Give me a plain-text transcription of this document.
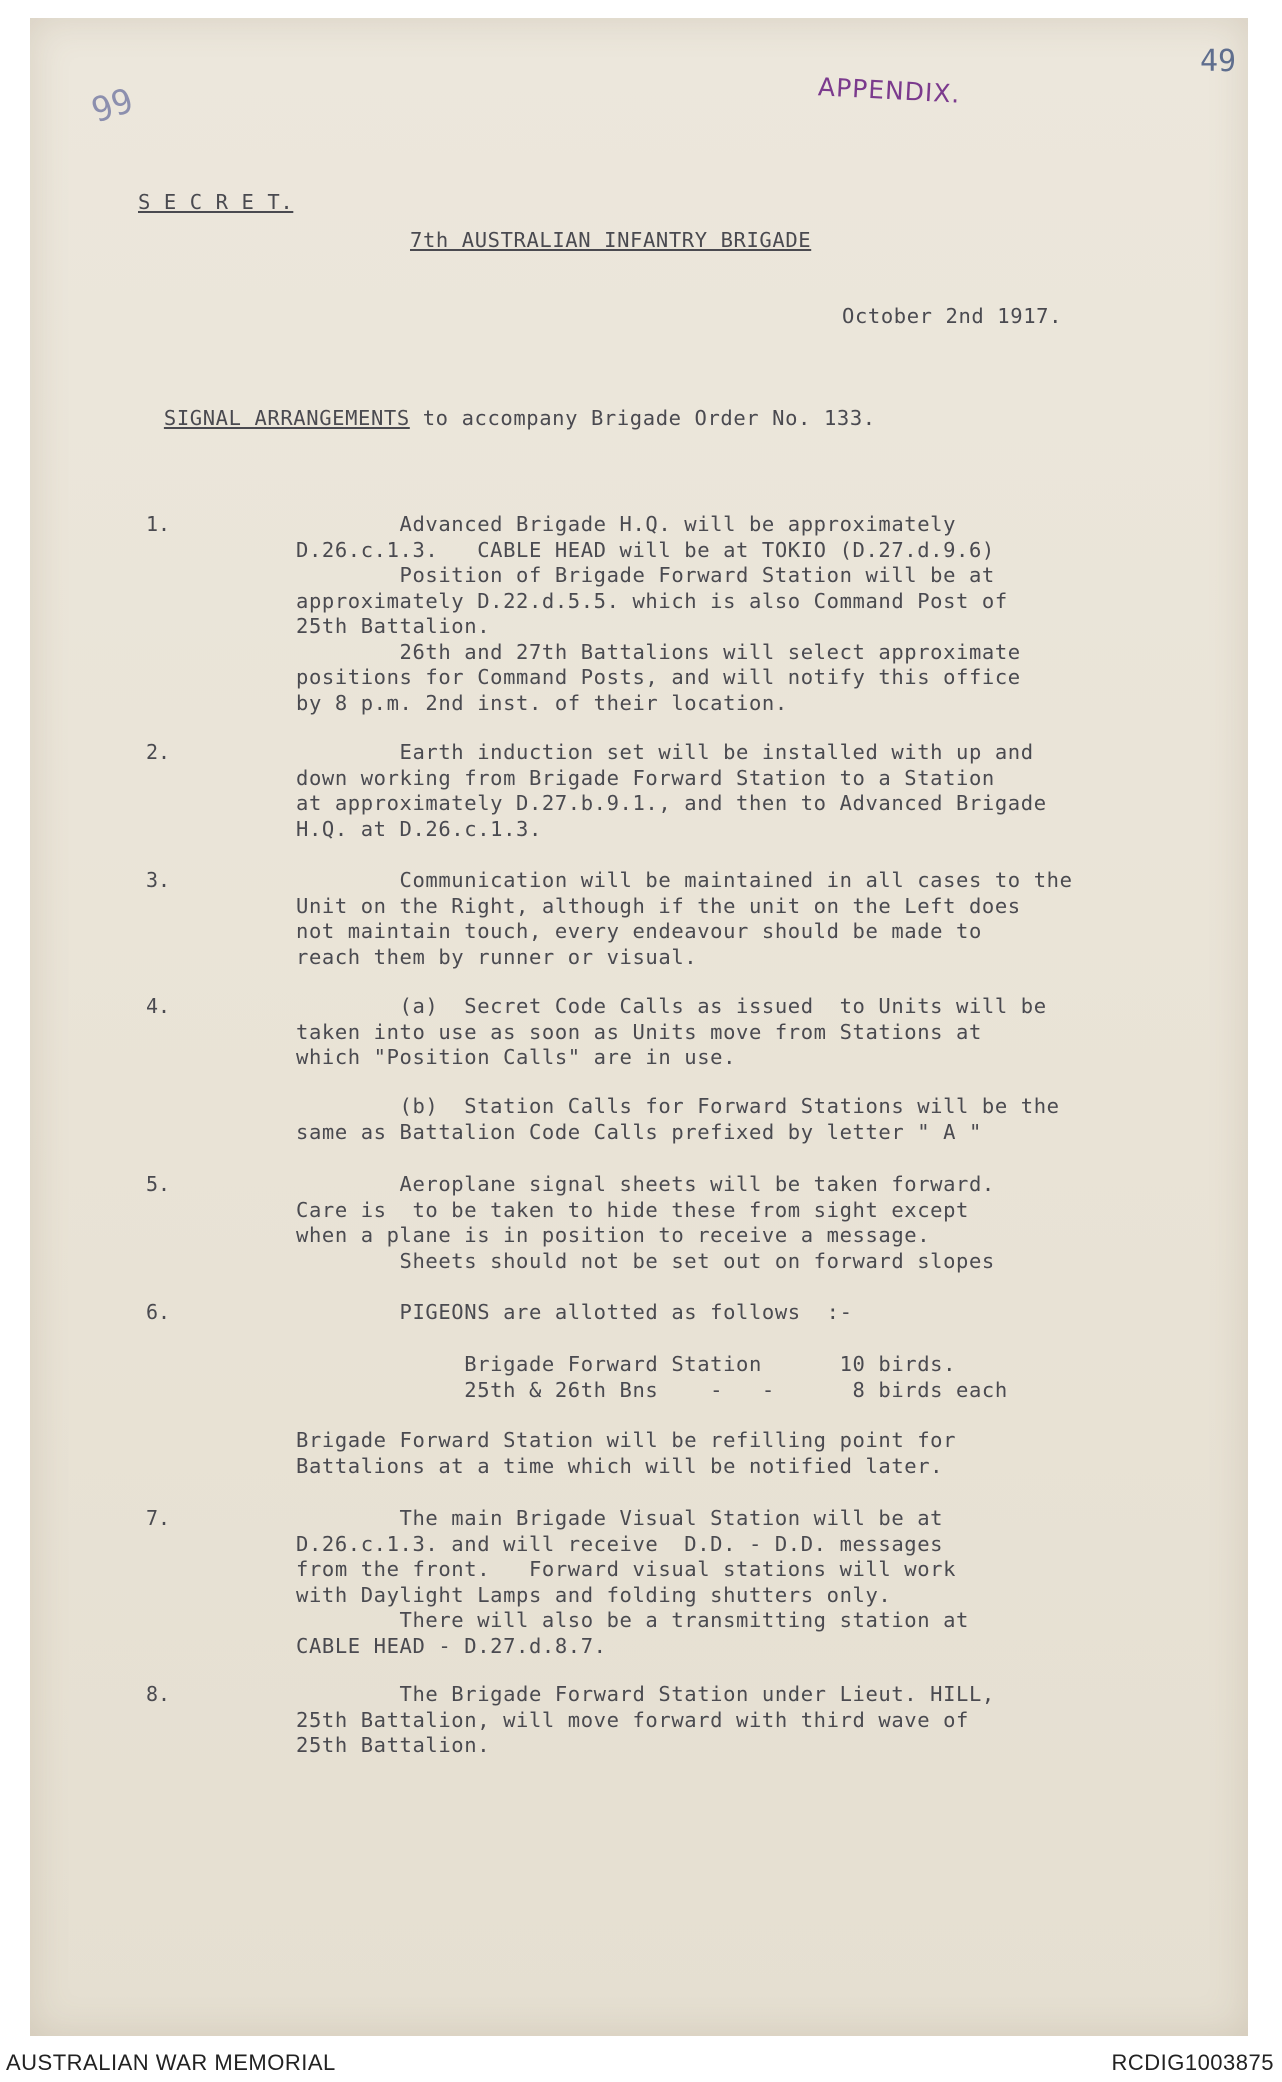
49
99	APPENDIX.
S E C R E T.
7th AUSTRALIAN INFANTRY BRIGADE
October 2nd 1917.

SIGNAL ARRANGEMENTS to accompany Brigade Order No. 133.

1.	Advanced Brigade H.Q. will be approximately
D.26.c.1.3.   CABLE HEAD will be at TOKIO (D.27.d.9.6)
Position of Brigade Forward Station will be at
approximately D.22.d.5.5. which is also Command Post of
25th Battalion.
26th and 27th Battalions will select approximate
positions for Command Posts, and will notify this office
by 8 p.m. 2nd inst. of their location.
2.	Earth induction set will be installed with up and
down working from Brigade Forward Station to a Station
at approximately D.27.b.9.1., and then to Advanced Brigade
H.Q. at D.26.c.1.3.
3.	Communication will be maintained in all cases to the
Unit on the Right, although if the unit on the Left does
not maintain touch, every endeavour should be made to
reach them by runner or visual.
4.	(a)  Secret Code Calls as issued  to Units will be
taken into use as soon as Units move from Stations at
which "Position Calls" are in use.
(b)  Station Calls for Forward Stations will be the
same as Battalion Code Calls prefixed by letter " A "
5.	Aeroplane signal sheets will be taken forward.
Care is  to be taken to hide these from sight except
when a plane is in position to receive a message.
Sheets should not be set out on forward slopes
6.	PIGEONS are allotted as follows  :-
Brigade Forward Station      10 birds.
25th & 26th Bns    -   -      8 birds each
Brigade Forward Station will be refilling point for
Battalions at a time which will be notified later.
7.	The main Brigade Visual Station will be at
D.26.c.1.3. and will receive  D.D. - D.D. messages
from the front.   Forward visual stations will work
with Daylight Lamps and folding shutters only.
There will also be a transmitting station at
CABLE HEAD - D.27.d.8.7.
8.	The Brigade Forward Station under Lieut. HILL,
25th Battalion, will move forward with third wave of
25th Battalion.
AUSTRALIAN WAR MEMORIAL	RCDIG1003875
